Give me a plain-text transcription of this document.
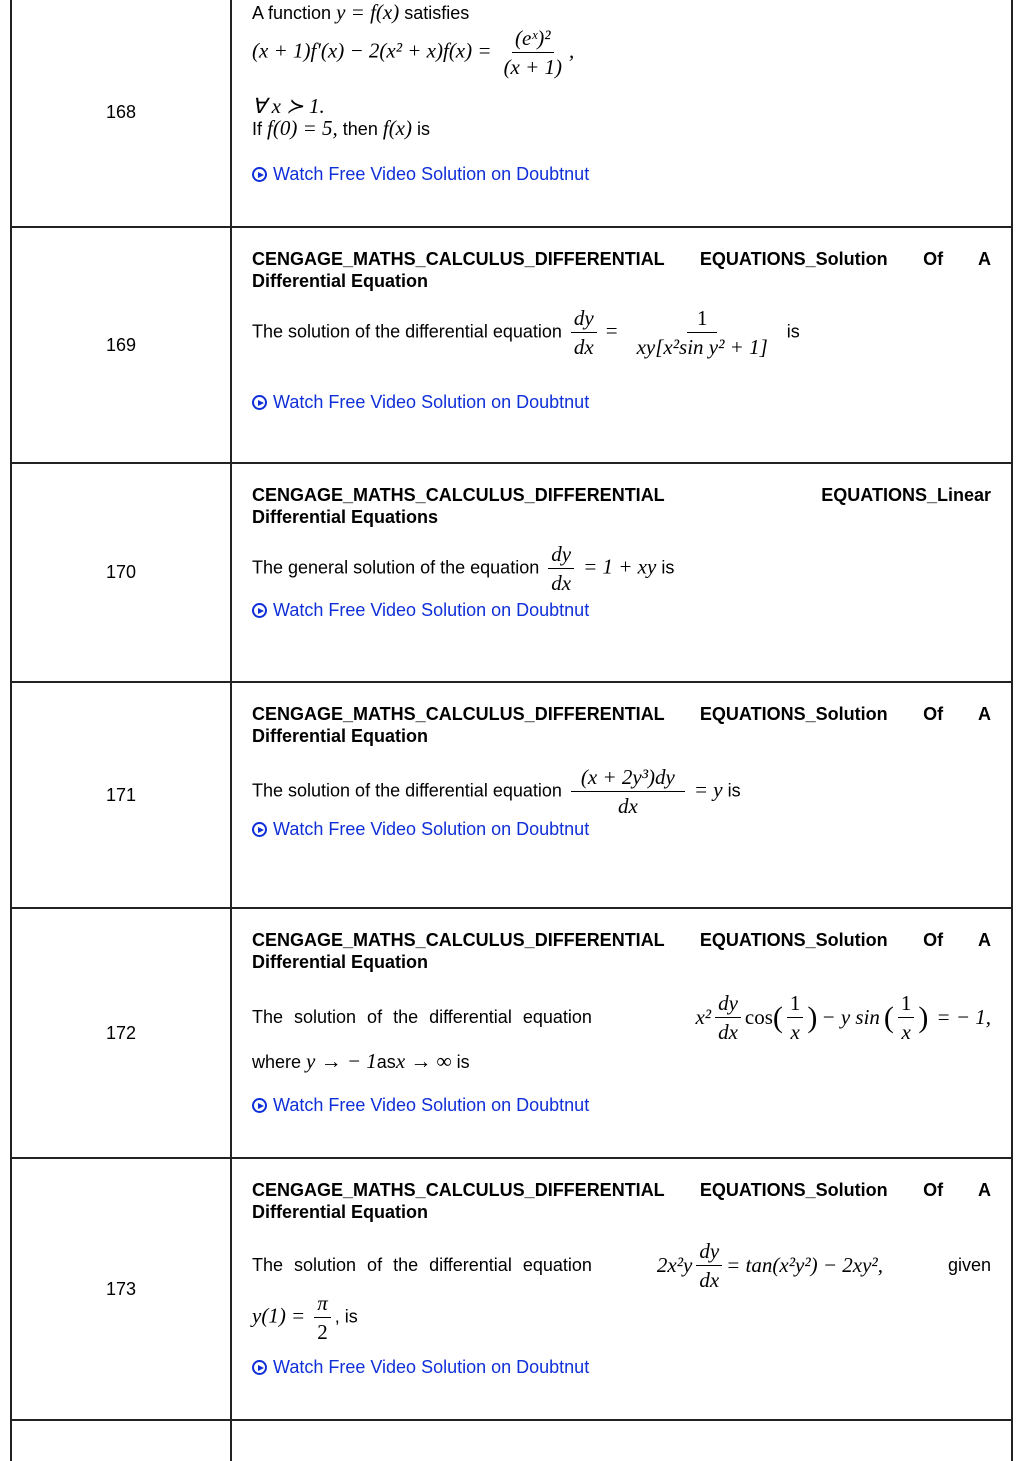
168
A function y = f(x) satisfies
$(x + 1)f'(x) - 2(x^2 + x)f(x) = \frac{\text{(eˣ)²}}{(x + 1)}$ ,
∀ x ≻ 1.
If f(0) = 5, then f(x) is
Watch Free Video Solution on Doubtnut
169
CENGAGE_MATHS_CALCULUS_DIFFERENTIAL EQUATIONS_Solution Of A Differential Equation
The solution of the differential equation $\frac{dy}{dx} = \frac{1}{\text{xy[x²sin y² + 1]}}$ is
Watch Free Video Solution on Doubtnut
170
CENGAGE_MATHS_CALCULUS_DIFFERENTIAL	EQUATIONS_Linear
Differential Equations
The general solution of the equation $\frac{dy}{dx} = 1$ + xy is
Watch Free Video Solution on Doubtnut
171
CENGAGE_MATHS_CALCULUS_DIFFERENTIAL EQUATIONS_Solution Of A Differential Equation
The solution of the differential equation $\frac{\text{(x + 2y³)dy}}{dx} = y$ is
Watch Free Video Solution on Doubtnut
172
CENGAGE_MATHS_CALCULUS_DIFFERENTIAL EQUATIONS_Solution Of A Differential Equation
The solution of the differential equation	$x^2 \frac{dy}{dx}$ cos ( $\frac{1}{x}$ ) − y sin ( $\frac{1}{x}$ ) = − 1,
where y → − 1asx → ∞ is
Watch Free Video Solution on Doubtnut
173
CENGAGE_MATHS_CALCULUS_DIFFERENTIAL EQUATIONS_Solution Of A Differential Equation
The solution of the differential equation	$2x^2y \frac{dy}{dx} = \tan(x^2y^2) - 2xy^2$,	given
$y(1) = \frac{\pi}{2}$ , is
Watch Free Video Solution on Doubtnut
